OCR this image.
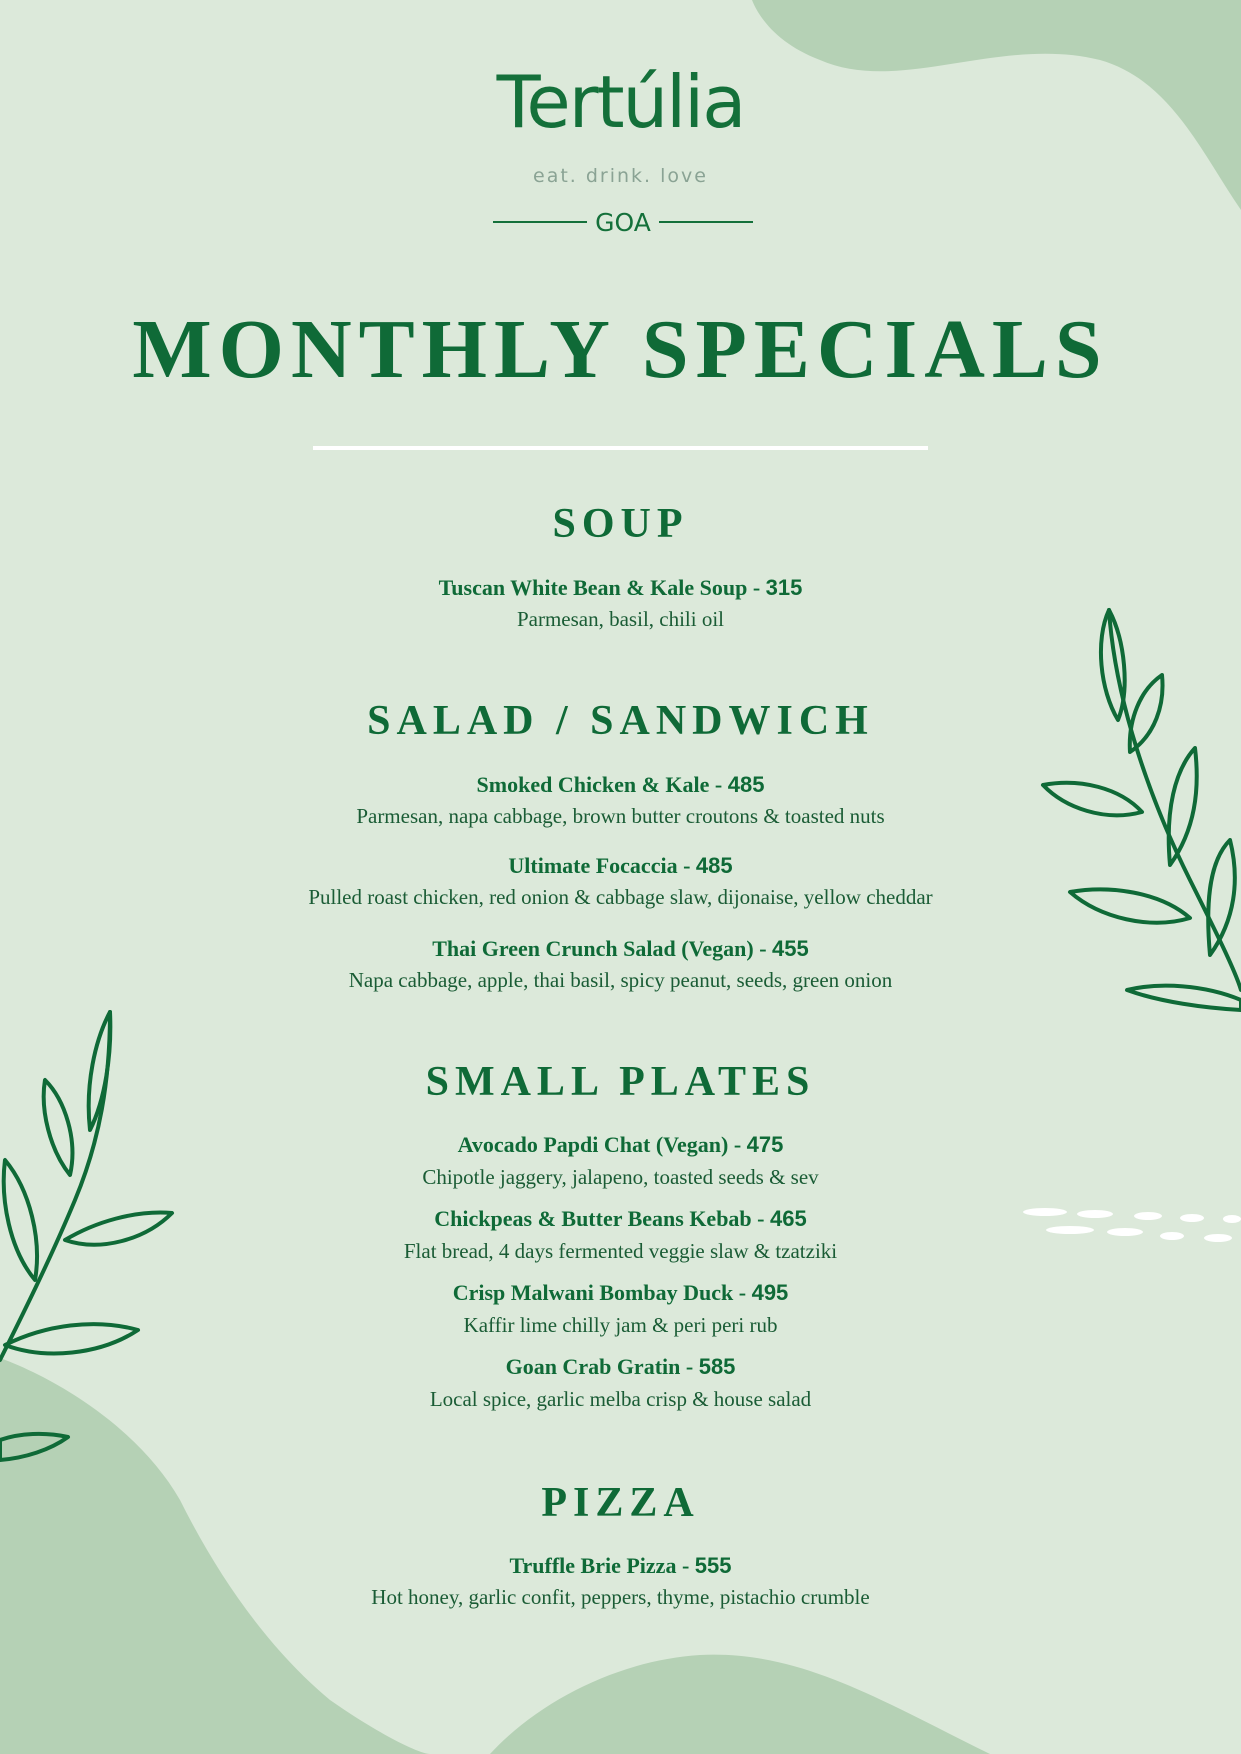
Tertúlia
eat. drink. love
GOA
MONTHLY SPECIALS
SOUP
Tuscan White Bean & Kale Soup - 315
Parmesan, basil, chili oil
SALAD / SANDWICH
Smoked Chicken & Kale - 485
Parmesan, napa cabbage, brown butter croutons & toasted nuts
Ultimate Focaccia - 485
Pulled roast chicken, red onion & cabbage slaw, dijonaise, yellow cheddar
Thai Green Crunch Salad (Vegan) - 455
Napa cabbage, apple, thai basil, spicy peanut, seeds, green onion
SMALL PLATES
Avocado Papdi Chat (Vegan) - 475
Chipotle jaggery, jalapeno, toasted seeds & sev
Chickpeas & Butter Beans Kebab - 465
Flat bread, 4 days fermented veggie slaw & tzatziki
Crisp Malwani Bombay Duck - 495
Kaffir lime chilly jam & peri peri rub
Goan Crab Gratin - 585
Local spice, garlic melba crisp & house salad
PIZZA
Truffle Brie Pizza - 555
Hot honey, garlic confit, peppers, thyme, pistachio crumble
